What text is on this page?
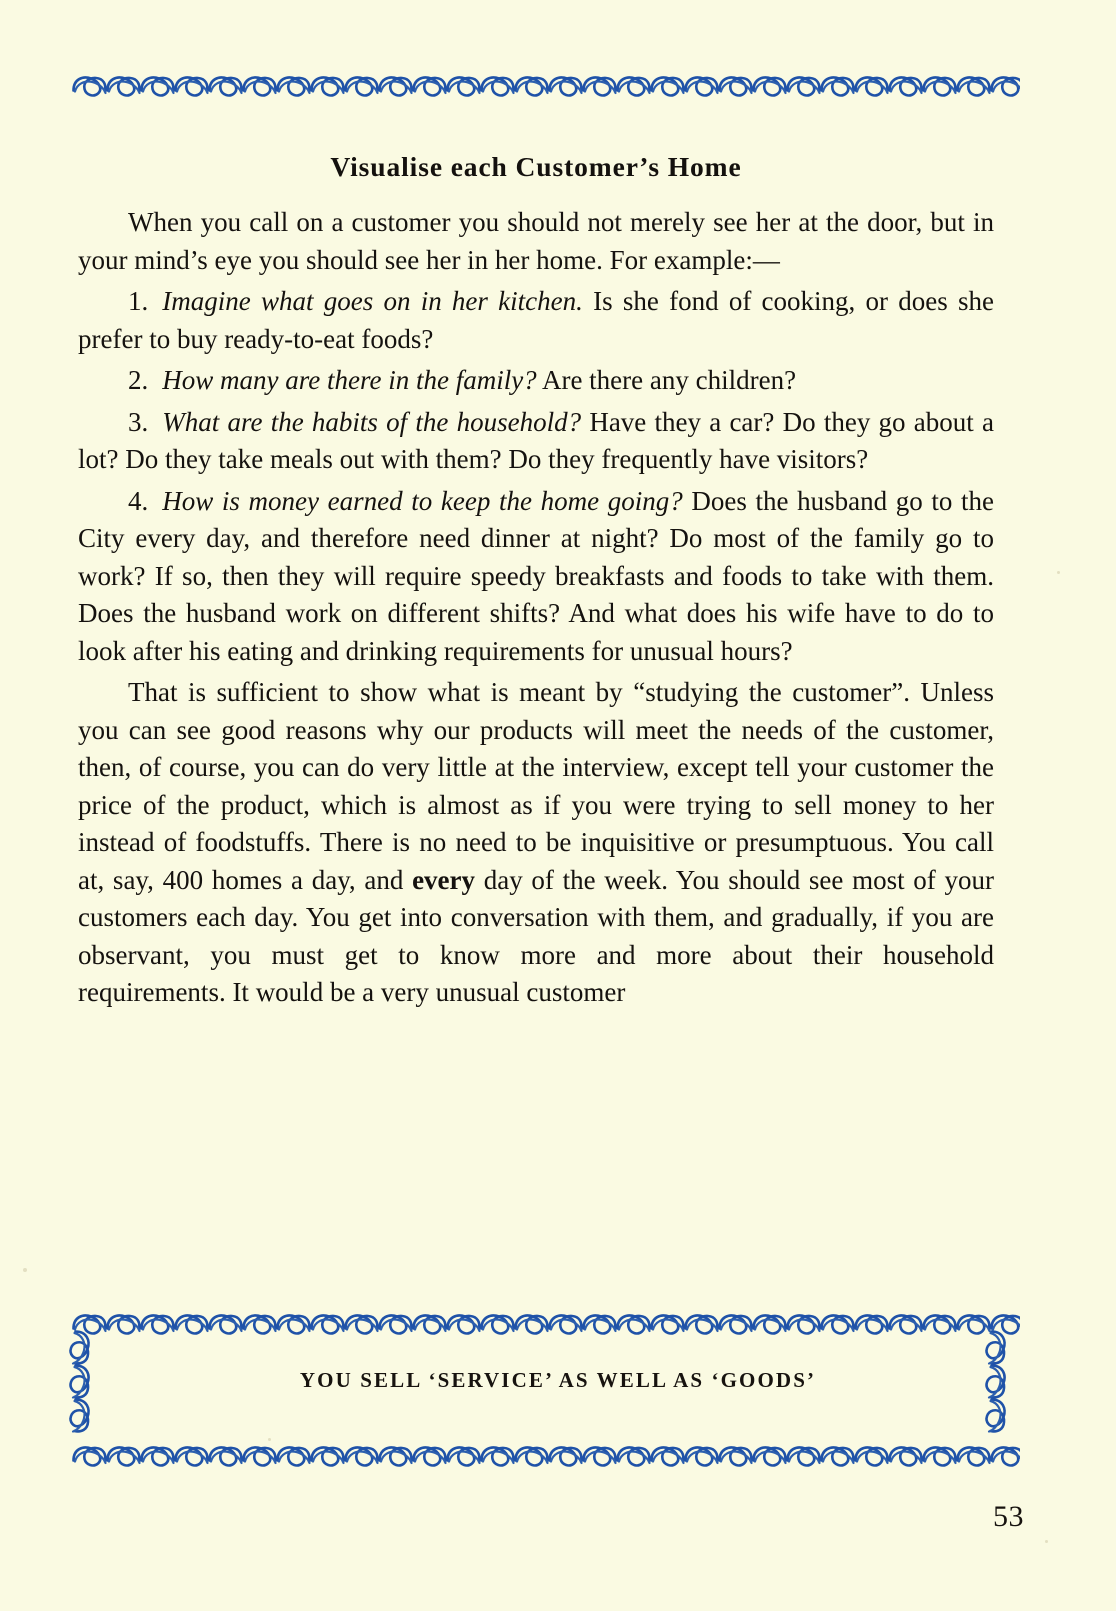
Visualise each Customer’s Home

When you call on a customer you should not merely see her at the door, but in your mind’s eye you should see her in her home. For example:—

1. Imagine what goes on in her kitchen. Is she fond of cooking, or does she prefer to buy ready-to-eat foods?

2. How many are there in the family? Are there any children?

3. What are the habits of the household? Have they a car? Do they go about a lot? Do they take meals out with them? Do they frequently have visitors?

4. How is money earned to keep the home going? Does the husband go to the City every day, and therefore need dinner at night? Do most of the family go to work? If so, then they will require speedy breakfasts and foods to take with them. Does the husband work on different shifts? And what does his wife have to do to look after his eating and drinking requirements for unusual hours?

That is sufficient to show what is meant by “studying the customer”. Unless you can see good reasons why our products will meet the needs of the customer, then, of course, you can do very little at the interview, except tell your customer the price of the product, which is almost as if you were trying to sell money to her instead of foodstuffs. There is no need to be inquisitive or presumptuous. You call at, say, 400 homes a day, and every day of the week. You should see most of your customers each day. You get into conversation with them, and gradually, if you are observant, you must get to know more and more about their household requirements. It would be a very unusual customer

YOU SELL ‘SERVICE’ AS WELL AS ‘GOODS’
53
